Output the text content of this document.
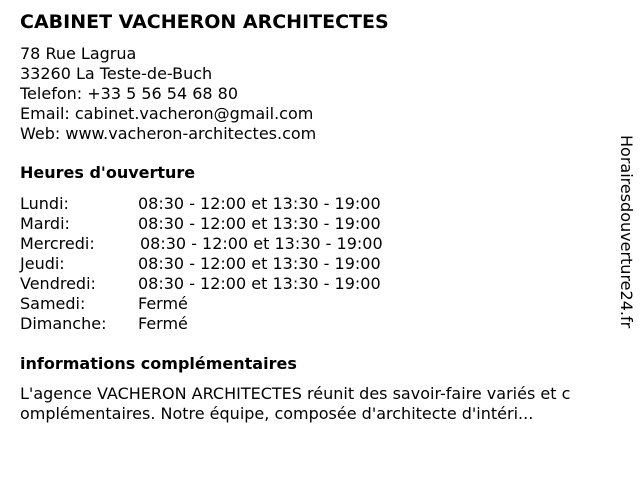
CABINET VACHERON ARCHITECTES
78 Rue Lagrua
33260 La Teste-de-Buch
Telefon: +33 5 56 54 68 80
Email: cabinet.vacheron@gmail.com
Web: www.vacheron-architectes.com
Heures d'ouverture
Lundi:	08:30 - 12:00 et 13:30 - 19:00
Mardi:	08:30 - 12:00 et 13:30 - 19:00
Mercredi:	08:30 - 12:00 et 13:30 - 19:00
Jeudi:	08:30 - 12:00 et 13:30 - 19:00
Vendredi:	08:30 - 12:00 et 13:30 - 19:00
Samedi:	Fermé
Dimanche: Fermé
informations complémentaires
L'agence VACHERON ARCHITECTES réunit des savoir-faire variés et c
omplémentaires. Notre équipe, composée d'architecte d'intéri...
Horairesdouverture24.fr
